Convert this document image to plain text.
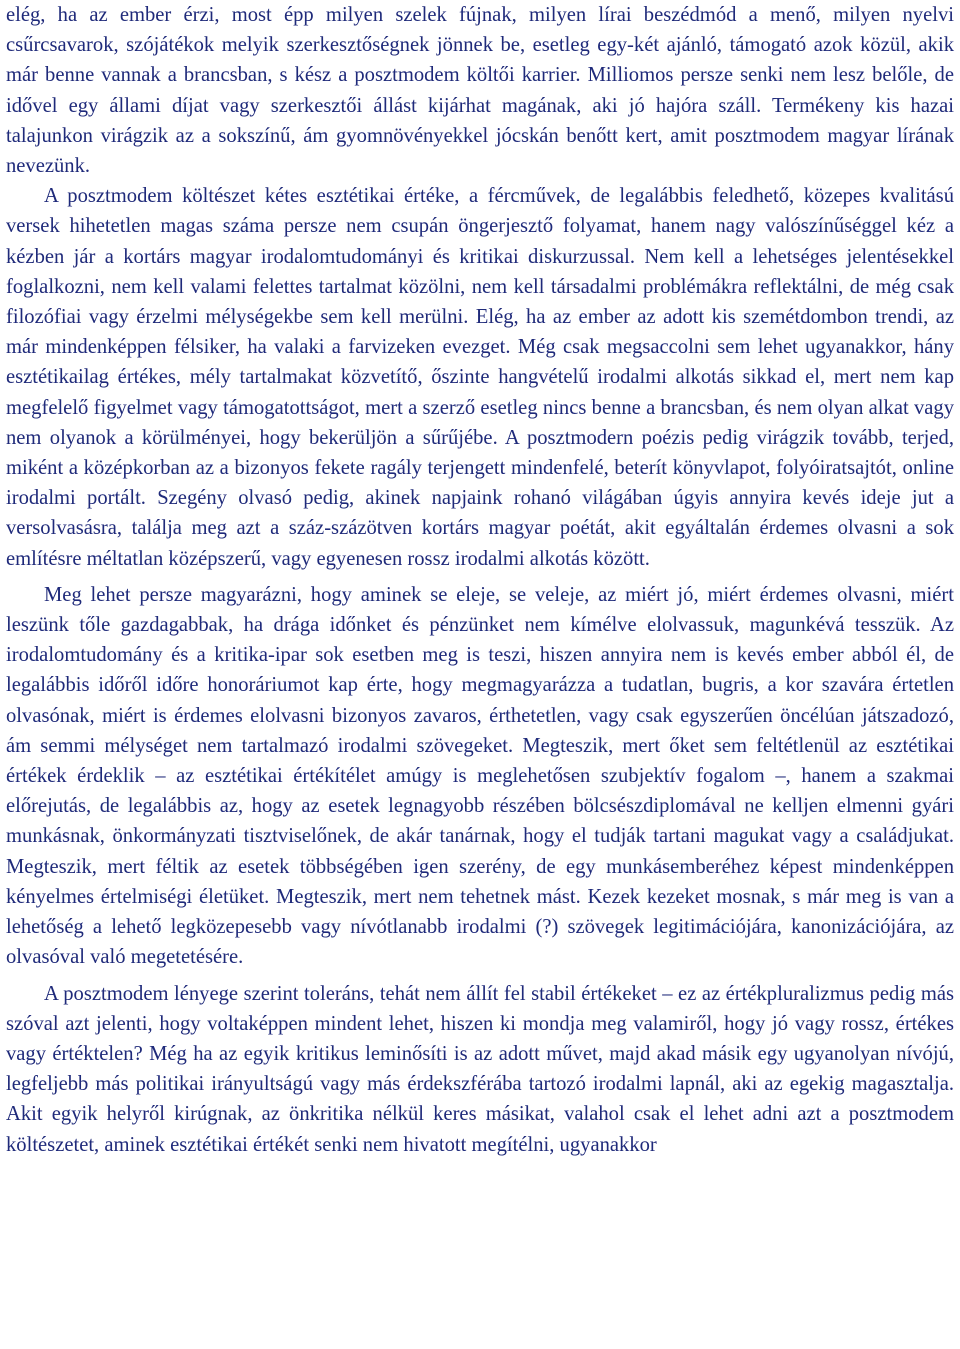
elég, ha az ember érzi, most épp milyen szelek fújnak, milyen lírai beszédmód a menő, milyen nyelvi csűrcsavarok, szójátékok melyik szerkesztőségnek jönnek be, esetleg egy-két ajánló, támogató azok közül, akik már benne vannak a brancsban, s kész a posztmodem költői karrier. Milliomos persze senki nem lesz belőle, de idővel egy állami díjat vagy szerkesztői állást kijárhat magának, aki jó hajóra száll. Termékeny kis hazai talajunkon virágzik az a sokszínű, ám gyomnövényekkel jócskán benőtt kert, amit posztmodem magyar lírának nevezünk.

A posztmodem költészet kétes esztétikai értéke, a fércművek, de legalábbis feledhető, közepes kvalitású versek hihetetlen magas száma persze nem csupán öngerjesztő folyamat, hanem nagy valószínűséggel kéz a kézben jár a kortárs magyar irodalomtudományi és kritikai diskurzussal. Nem kell a lehetséges jelentésekkel foglalkozni, nem kell valami felettes tartalmat közölni, nem kell társadalmi problémákra reflektálni, de még csak filozófiai vagy érzelmi mélységekbe sem kell merülni. Elég, ha az ember az adott kis szemétdombon trendi, az már mindenképpen félsiker, ha valaki a farvizeken evezget. Még csak megsaccolni sem lehet ugyanakkor, hány esztétikailag értékes, mély tartalmakat közvetítő, őszinte hangvételű irodalmi alkotás sikkad el, mert nem kap megfelelő figyelmet vagy támogatottságot, mert a szerző esetleg nincs benne a brancsban, és nem olyan alkat vagy nem olyanok a körülményei, hogy bekerüljön a sűrűjébe. A posztmodern poézis pedig virágzik tovább, terjed, miként a középkorban az a bizonyos fekete ragály terjengett mindenfelé, beterít könyvlapot, folyóiratsajtót, online irodalmi portált. Szegény olvasó pedig, akinek napjaink rohanó világában úgyis annyira kevés ideje jut a versolvasásra, találja meg azt a száz-százötven kortárs magyar poétát, akit egyáltalán érdemes olvasni a sok említésre méltatlan középszerű, vagy egyenesen rossz irodalmi alkotás között.

Meg lehet persze magyarázni, hogy aminek se eleje, se veleje, az miért jó, miért érdemes olvasni, miért leszünk tőle gazdagabbak, ha drága időnket és pénzünket nem kímélve elolvassuk, magunkévá tesszük. Az irodalomtudomány és a kritika-ipar sok esetben meg is teszi, hiszen annyira nem is kevés ember abból él, de legalábbis időről időre honoráriumot kap érte, hogy megmagyarázza a tudatlan, bugris, a kor szavára értetlen olvasónak, miért is érdemes elolvasni bizonyos zavaros, érthetetlen, vagy csak egyszerűen öncélúan játszadozó, ám semmi mélységet nem tartalmazó irodalmi szövegeket. Megteszik, mert őket sem feltétlenül az esztétikai értékek érdeklik – az esztétikai értékítélet amúgy is meglehetősen szubjektív fogalom –, hanem a szakmai előrejutás, de legalábbis az, hogy az esetek legnagyobb részében bölcsészdiplomával ne kelljen elmenni gyári munkásnak, önkormányzati tisztviselőnek, de akár tanárnak, hogy el tudják tartani magukat vagy a családjukat. Megteszik, mert féltik az esetek többségében igen szerény, de egy munkásemberéhez képest mindenképpen kényelmes értelmiségi életüket. Megteszik, mert nem tehetnek mást. Kezek kezeket mosnak, s már meg is van a lehetőség a lehető legközepesebb vagy nívótlanabb irodalmi (?) szövegek legitimációjára, kanonizációjára, az olvasóval való megetetésére.

A posztmodem lényege szerint toleráns, tehát nem állít fel stabil értékeket – ez az értékpluralizmus pedig más szóval azt jelenti, hogy voltaképpen mindent lehet, hiszen ki mondja meg valamiről, hogy jó vagy rossz, értékes vagy értéktelen? Még ha az egyik kritikus leminősíti is az adott művet, majd akad másik egy ugyanolyan nívójú, legfeljebb más politikai irányultságú vagy más érdekszférába tartozó irodalmi lapnál, aki az egekig magasztalja. Akit egyik helyről kirúgnak, az önkritika nélkül keres másikat, valahol csak el lehet adni azt a posztmodem költészetet, aminek esztétikai értékét senki nem hivatott megítélni, ugyanakkor
